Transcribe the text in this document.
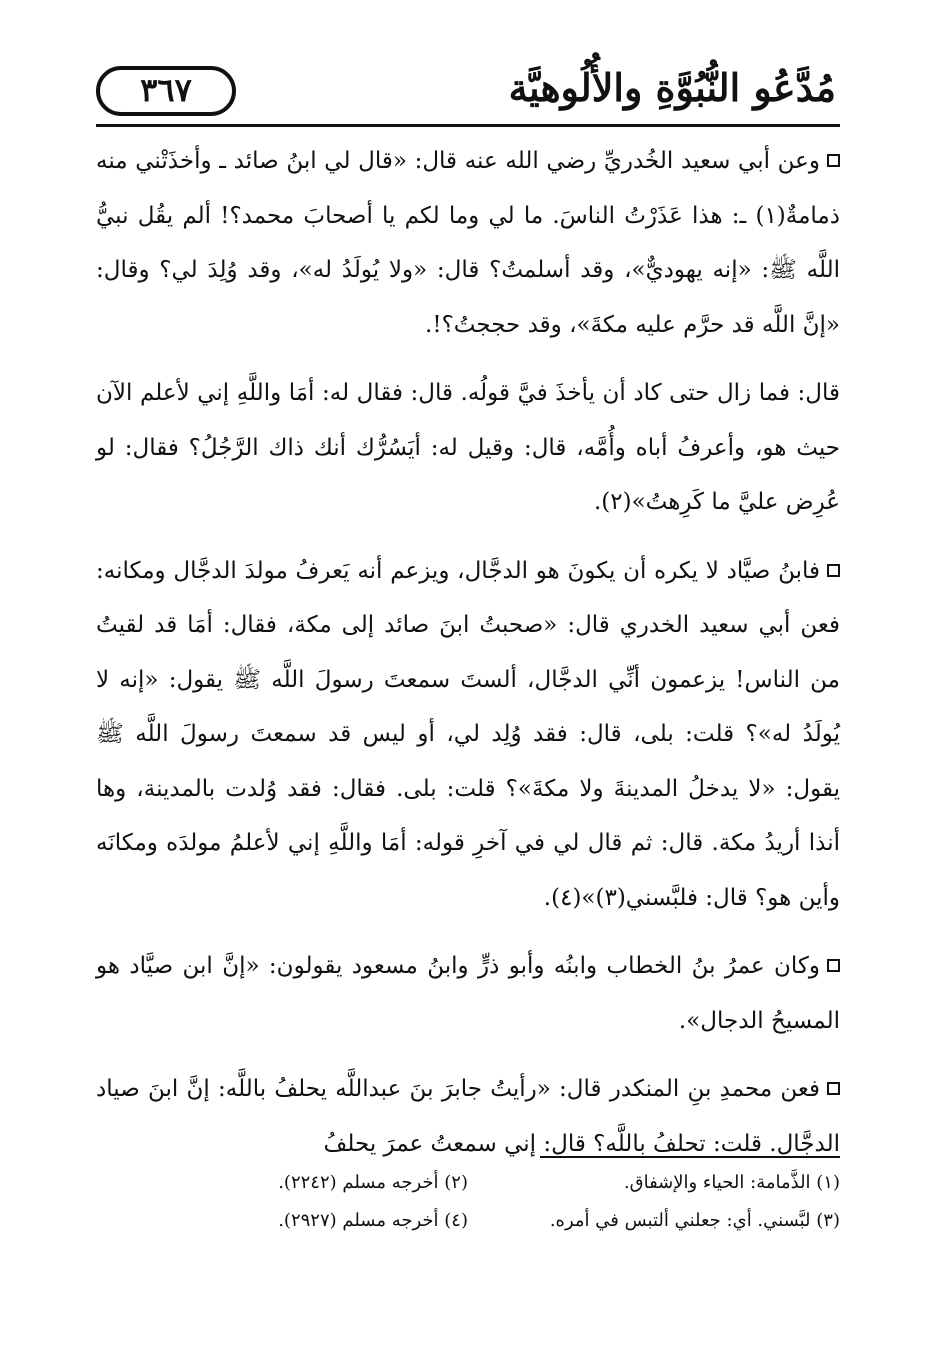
مُدَّعُو النُّبُوَّةِ والأُلُوهيَّة
٣٦٧

وعن أبي سعيد الخُدريِّ رضي الله عنه قال: «قال لي ابنُ صائد ـ وأخذَتْني منه ذمامةٌ(١) ـ: هذا عَذَرْتُ الناسَ. ما لي وما لكم يا أصحابَ محمد؟! ألم يقُل نبيُّ اللَّه ﷺ: «إنه يهوديٌّ»، وقد أسلمتُ؟ قال: «ولا يُولَدُ له»، وقد وُلِدَ لي؟ وقال: «إنَّ اللَّه قد حرَّم عليه مكةَ»، وقد حججتُ؟!.

قال: فما زال حتى كاد أن يأخذَ فيَّ قولُه. قال: فقال له: أمَا واللَّهِ إني لأعلم الآن حيث هو، وأعرفُ أباه وأُمَّه، قال: وقيل له: أيَسُرُّك أنك ذاك الرَّجُلُ؟ فقال: لو عُرِض عليَّ ما كَرِهتُ»(٢).

فابنُ صيَّاد لا يكره أن يكونَ هو الدجَّال، ويزعم أنه يَعرفُ مولدَ الدجَّال ومكانه: فعن أبي سعيد الخدري قال: «صحبتُ ابنَ صائد إلى مكة، فقال: أمَا قد لقيتُ من الناس! يزعمون أنِّي الدجَّال، ألستَ سمعتَ رسولَ اللَّه ﷺ يقول: «إنه لا يُولَدُ له»؟ قلت: بلى، قال: فقد وُلِد لي، أو ليس قد سمعتَ رسولَ اللَّه ﷺ يقول: «لا يدخلُ المدينةَ ولا مكةَ»؟ قلت: بلى. فقال: فقد وُلدت بالمدينة، وها أنذا أريدُ مكة. قال: ثم قال لي في آخرِ قوله: أمَا واللَّهِ إني لأعلمُ مولدَه ومكانَه وأين هو؟ قال: فلبَّسني(٣)»(٤).

وكان عمرُ بنُ الخطاب وابنُه وأبو ذرٍّ وابنُ مسعود يقولون: «إنَّ ابن صيَّاد هو المسيحُ الدجال».

فعن محمدِ بنِ المنكدر قال: «رأيتُ جابرَ بنَ عبداللَّه يحلفُ باللَّه: إنَّ ابنَ صياد الدجَّال. قلت: تحلفُ باللَّه؟ قال: إني سمعتُ عمرَ يحلفُ

(١) الذَّمامة: الحياء والإشفاق.
(٢) أخرجه مسلم (٢٢٤٢).
(٣) لبَّسني. أي: جعلني ألتبس في أمره.
(٤) أخرجه مسلم (٢٩٢٧).
